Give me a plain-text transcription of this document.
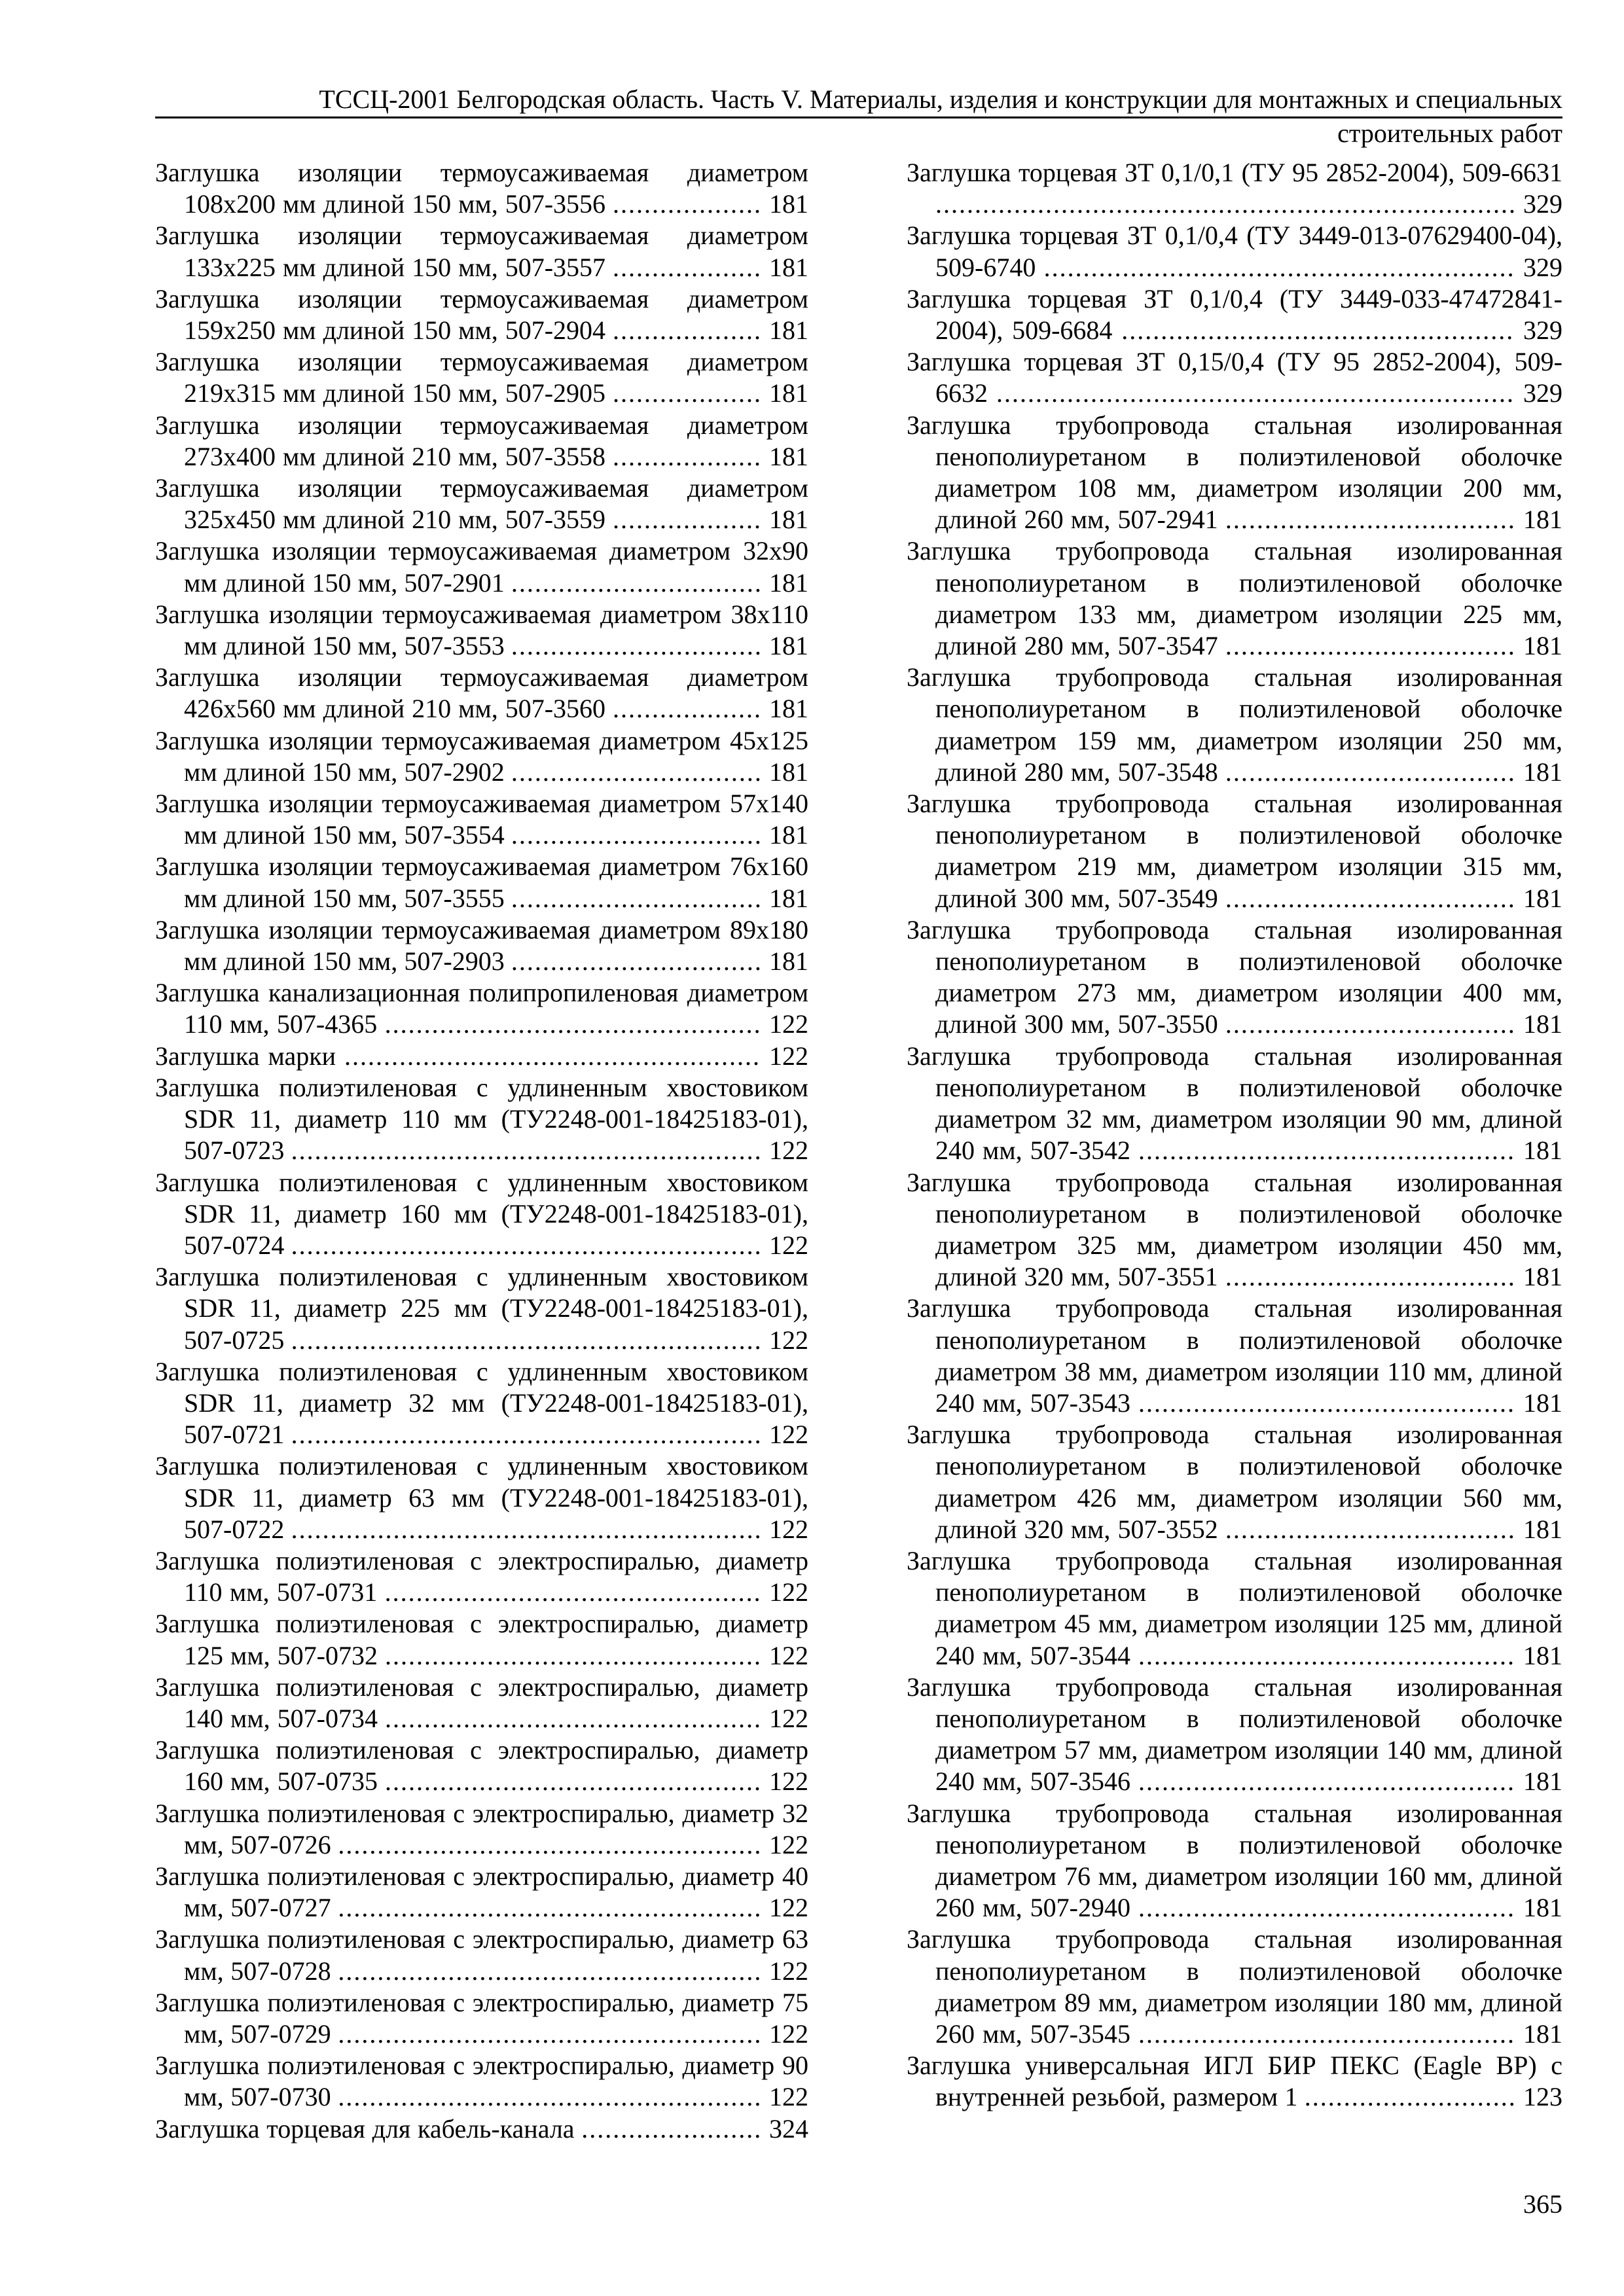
ТССЦ-2001 Белгородская область. Часть V. Материалы, изделия и конструкции для монтажных и специальных
строительных работ
Заглушка изоляции термоусаживаемая диаметром 108x200 мм длиной 150 мм, 507-3556 ................... 181
Заглушка изоляции термоусаживаемая диаметром 133x225 мм длиной 150 мм, 507-3557 ................... 181
Заглушка изоляции термоусаживаемая диаметром 159x250 мм длиной 150 мм, 507-2904 ................... 181
Заглушка изоляции термоусаживаемая диаметром 219x315 мм длиной 150 мм, 507-2905 ................... 181
Заглушка изоляции термоусаживаемая диаметром 273x400 мм длиной 210 мм, 507-3558 ................... 181
Заглушка изоляции термоусаживаемая диаметром 325x450 мм длиной 210 мм, 507-3559 ................... 181
Заглушка изоляции термоусаживаемая диаметром 32x90 мм длиной 150 мм, 507-2901 ................................ 181
Заглушка изоляции термоусаживаемая диаметром 38x110 мм длиной 150 мм, 507-3553 ................................ 181
Заглушка изоляции термоусаживаемая диаметром 426x560 мм длиной 210 мм, 507-3560 ................... 181
Заглушка изоляции термоусаживаемая диаметром 45x125 мм длиной 150 мм, 507-2902 ................................ 181
Заглушка изоляции термоусаживаемая диаметром 57x140 мм длиной 150 мм, 507-3554 ................................ 181
Заглушка изоляции термоусаживаемая диаметром 76x160 мм длиной 150 мм, 507-3555 ................................ 181
Заглушка изоляции термоусаживаемая диаметром 89x180 мм длиной 150 мм, 507-2903 ................................ 181
Заглушка канализационная полипропиленовая диаметром 110 мм, 507-4365 ................................................ 122
Заглушка марки ..................................................... 122
Заглушка полиэтиленовая с удлиненным хвостовиком SDR 11, диаметр 110 мм (ТУ2248-001-18425183-01), 507-0723 ............................................................ 122
Заглушка полиэтиленовая с удлиненным хвостовиком SDR 11, диаметр 160 мм (ТУ2248-001-18425183-01), 507-0724 ............................................................ 122
Заглушка полиэтиленовая с удлиненным хвостовиком SDR 11, диаметр 225 мм (ТУ2248-001-18425183-01), 507-0725 ............................................................ 122
Заглушка полиэтиленовая с удлиненным хвостовиком SDR 11, диаметр 32 мм (ТУ2248-001-18425183-01), 507-0721 ............................................................ 122
Заглушка полиэтиленовая с удлиненным хвостовиком SDR 11, диаметр 63 мм (ТУ2248-001-18425183-01), 507-0722 ............................................................ 122
Заглушка полиэтиленовая с электроспиралью, диаметр 110 мм, 507-0731 ................................................ 122
Заглушка полиэтиленовая с электроспиралью, диаметр 125 мм, 507-0732 ................................................ 122
Заглушка полиэтиленовая с электроспиралью, диаметр 140 мм, 507-0734 ................................................ 122
Заглушка полиэтиленовая с электроспиралью, диаметр 160 мм, 507-0735 ................................................ 122
Заглушка полиэтиленовая с электроспиралью, диаметр 32 мм, 507-0726 ...................................................... 122
Заглушка полиэтиленовая с электроспиралью, диаметр 40 мм, 507-0727 ...................................................... 122
Заглушка полиэтиленовая с электроспиралью, диаметр 63 мм, 507-0728 ...................................................... 122
Заглушка полиэтиленовая с электроспиралью, диаметр 75 мм, 507-0729 ...................................................... 122
Заглушка полиэтиленовая с электроспиралью, диаметр 90 мм, 507-0730 ...................................................... 122
Заглушка торцевая для кабель-канала ....................... 324
Заглушка торцевая ЗТ 0,1/0,1 (ТУ 95 2852-2004), 509-6631 .......................................................................... 329
Заглушка торцевая ЗТ 0,1/0,4 (ТУ 3449-013-07629400-04), 509-6740 ............................................................ 329
Заглушка торцевая ЗТ 0,1/0,4 (ТУ 3449-033-47472841-2004), 509-6684 .................................................. 329
Заглушка торцевая ЗТ 0,15/0,4 (ТУ 95 2852-2004), 509-6632 .................................................................. 329
Заглушка трубопровода стальная изолированная пенополиуретаном в полиэтиленовой оболочке диаметром 108 мм, диаметром изоляции 200 мм, длиной 260 мм, 507-2941 ..................................... 181
Заглушка трубопровода стальная изолированная пенополиуретаном в полиэтиленовой оболочке диаметром 133 мм, диаметром изоляции 225 мм, длиной 280 мм, 507-3547 ..................................... 181
Заглушка трубопровода стальная изолированная пенополиуретаном в полиэтиленовой оболочке диаметром 159 мм, диаметром изоляции 250 мм, длиной 280 мм, 507-3548 ..................................... 181
Заглушка трубопровода стальная изолированная пенополиуретаном в полиэтиленовой оболочке диаметром 219 мм, диаметром изоляции 315 мм, длиной 300 мм, 507-3549 ..................................... 181
Заглушка трубопровода стальная изолированная пенополиуретаном в полиэтиленовой оболочке диаметром 273 мм, диаметром изоляции 400 мм, длиной 300 мм, 507-3550 ..................................... 181
Заглушка трубопровода стальная изолированная пенополиуретаном в полиэтиленовой оболочке диаметром 32 мм, диаметром изоляции 90 мм, длиной 240 мм, 507-3542 ................................................ 181
Заглушка трубопровода стальная изолированная пенополиуретаном в полиэтиленовой оболочке диаметром 325 мм, диаметром изоляции 450 мм, длиной 320 мм, 507-3551 ..................................... 181
Заглушка трубопровода стальная изолированная пенополиуретаном в полиэтиленовой оболочке диаметром 38 мм, диаметром изоляции 110 мм, длиной 240 мм, 507-3543 ................................................ 181
Заглушка трубопровода стальная изолированная пенополиуретаном в полиэтиленовой оболочке диаметром 426 мм, диаметром изоляции 560 мм, длиной 320 мм, 507-3552 ..................................... 181
Заглушка трубопровода стальная изолированная пенополиуретаном в полиэтиленовой оболочке диаметром 45 мм, диаметром изоляции 125 мм, длиной 240 мм, 507-3544 ................................................ 181
Заглушка трубопровода стальная изолированная пенополиуретаном в полиэтиленовой оболочке диаметром 57 мм, диаметром изоляции 140 мм, длиной 240 мм, 507-3546 ................................................ 181
Заглушка трубопровода стальная изолированная пенополиуретаном в полиэтиленовой оболочке диаметром 76 мм, диаметром изоляции 160 мм, длиной 260 мм, 507-2940 ................................................ 181
Заглушка трубопровода стальная изолированная пенополиуретаном в полиэтиленовой оболочке диаметром 89 мм, диаметром изоляции 180 мм, длиной 260 мм, 507-3545 ................................................ 181
Заглушка универсальная ИГЛ БИР ПЕКС (Eagle BP) с внутренней резьбой, размером 1 ........................... 123
365
